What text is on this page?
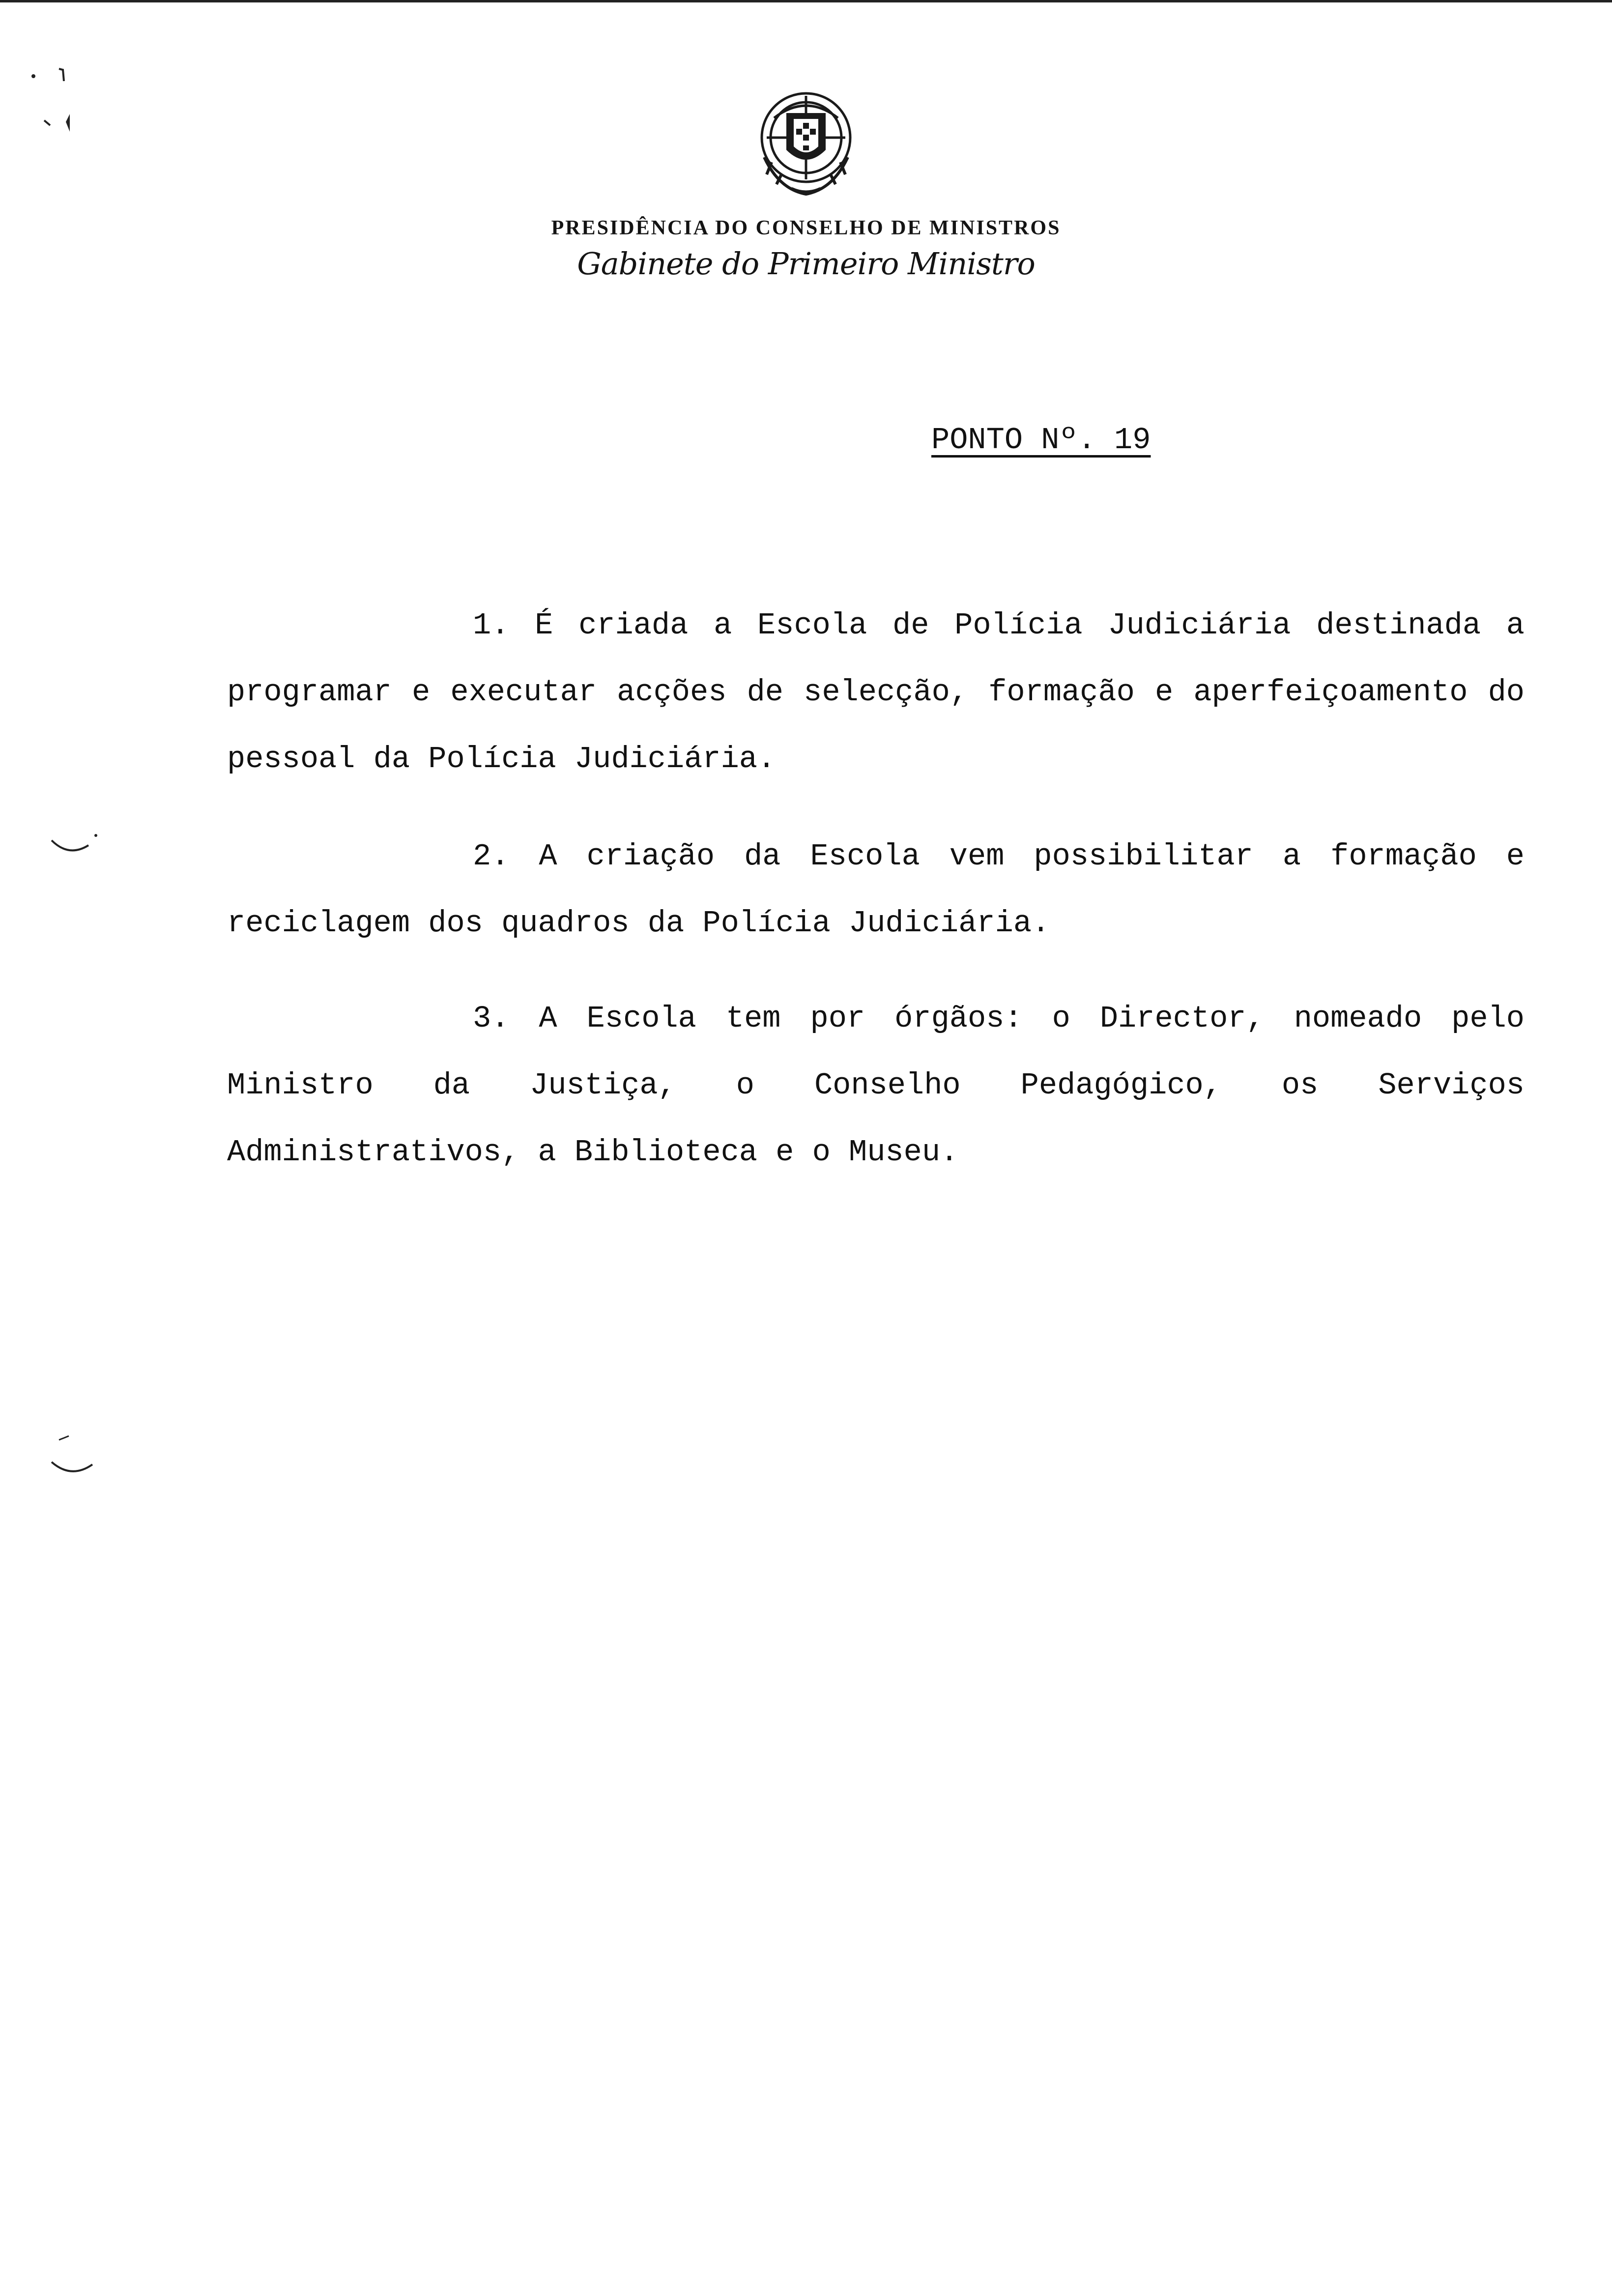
PRESIDÊNCIA DO CONSELHO DE MINISTROS
Gabinete do Primeiro Ministro
PONTO Nº. 19

1. É criada a Escola de Polícia Judiciária destinada a programar e executar acções de selecção, formação e aperfeiçoamento do pessoal da Polícia Judiciária.

2. A criação da Escola vem possibilitar a formação e reciclagem dos quadros da Polícia Judiciária.

3. A Escola tem por órgãos: o Director, nomeado pelo Ministro da Justiça, o Conselho Pedagógico, os Serviços Administrativos, a Biblioteca e o Museu.
